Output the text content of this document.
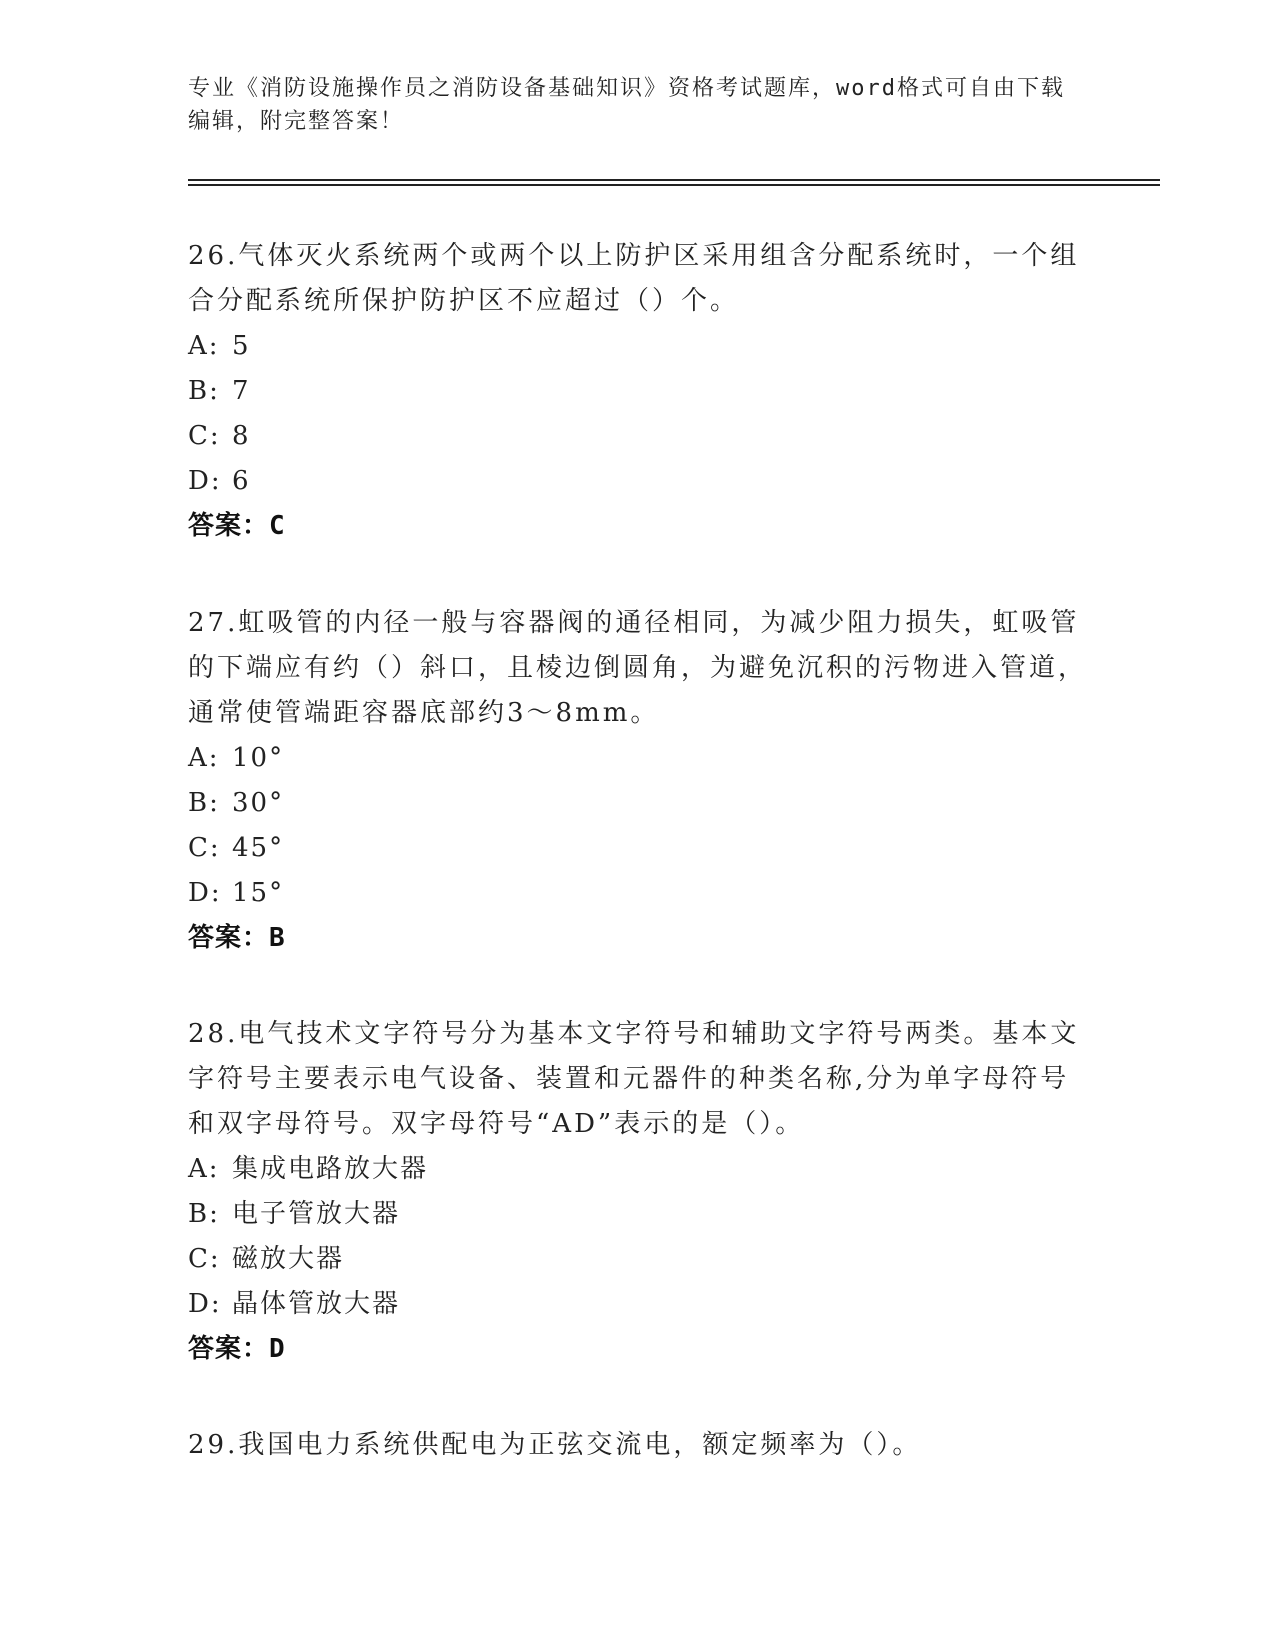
专业《消防设施操作员之消防设备基础知识》资格考试题库，word格式可自由下载编辑，附完整答案！

26.气体灭火系统两个或两个以上防护区采用组含分配系统时，一个组合分配系统所保护防护区不应超过（）个。

A: 5
B: 7
C: 8
D: 6
答案：C

27.虹吸管的内径一般与容器阀的通径相同，为减少阻力损失，虹吸管的下端应有约（）斜口，且棱边倒圆角，为避免沉积的污物进入管道，通常使管端距容器底部约3～8mm。

A: 10°
B: 30°
C: 45°
D: 15°
答案：B

28.电气技术文字符号分为基本文字符号和辅助文字符号两类。基本文字符号主要表示电气设备、装置和元器件的种类名称,分为单字母符号和双字母符号。双字母符号“AD”表示的是（）。

A: 集成电路放大器
B: 电子管放大器
C: 磁放大器
D: 晶体管放大器
答案：D

29.我国电力系统供配电为正弦交流电，额定频率为（）。
